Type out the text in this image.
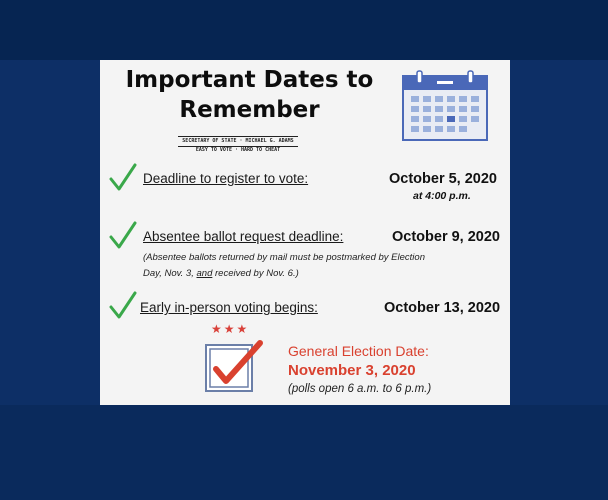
Important Dates to Remember
SECRETARY OF STATE · MICHAEL G. ADAMS
EASY TO VOTE · HARD TO CHEAT
Deadline to register to vote:	October 5, 2020
at 4:00 p.m.
Absentee ballot request deadline:	October 9, 2020
(Absentee ballots returned by mail must be postmarked by Election
Day, Nov. 3, and received by Nov. 6.)
Early in-person voting begins:	October 13, 2020
★★★
General Election Date:
November 3, 2020
(polls open 6 a.m. to 6 p.m.)
